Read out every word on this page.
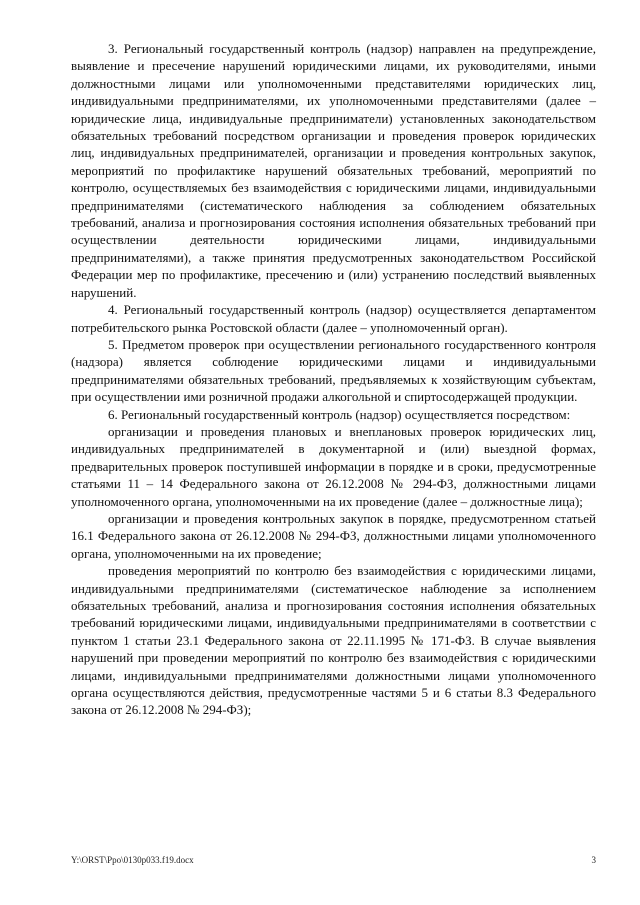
3. Региональный государственный контроль (надзор) направлен на предупреждение, выявление и пресечение нарушений юридическими лицами, их руководителями, иными должностными лицами или уполномоченными представителями юридических лиц, индивидуальными предпринимателями, их уполномоченными представителями (далее – юридические лица, индивидуальные предприниматели) установленных законодательством обязательных требований посредством организации и проведения проверок юридических лиц, индивидуальных предпринимателей, организации и проведения контрольных закупок, мероприятий по профилактике нарушений обязательных требований, мероприятий по контролю, осуществляемых без взаимодействия с юридическими лицами, индивидуальными предпринимателями (систематического наблюдения за соблюдением обязательных требований, анализа и прогнозирования состояния исполнения обязательных требований при осуществлении деятельности юридическими лицами, индивидуальными предпринимателями), а также принятия предусмотренных законодательством Российской Федерации мер по профилактике, пресечению и (или) устранению последствий выявленных нарушений.

4. Региональный государственный контроль (надзор) осуществляется департаментом потребительского рынка Ростовской области (далее – уполномоченный орган).

5. Предметом проверок при осуществлении регионального государственного контроля (надзора) является соблюдение юридическими лицами и индивидуальными предпринимателями обязательных требований, предъявляемых к хозяйствующим субъектам, при осуществлении ими розничной продажи алкогольной и спиртосодержащей продукции.

6. Региональный государственный контроль (надзор) осуществляется посредством:

организации и проведения плановых и внеплановых проверок юридических лиц, индивидуальных предпринимателей в документарной и (или) выездной формах, предварительных проверок поступившей информации в порядке и в сроки, предусмотренные статьями 11 – 14 Федерального закона от 26.12.2008 № 294-ФЗ, должностными лицами уполномоченного органа, уполномоченными на их проведение (далее – должностные лица);

организации и проведения контрольных закупок в порядке, предусмотренном статьей 16.1 Федерального закона от 26.12.2008 № 294-ФЗ, должностными лицами уполномоченного органа, уполномоченными на их проведение;

проведения мероприятий по контролю без взаимодействия с юридическими лицами, индивидуальными предпринимателями (систематическое наблюдение за исполнением обязательных требований, анализа и прогнозирования состояния исполнения обязательных требований юридическими лицами, индивидуальными предпринимателями в соответствии с пунктом 1 статьи 23.1 Федерального закона от 22.11.1995 № 171-ФЗ. В случае выявления нарушений при проведении мероприятий по контролю без взаимодействия с юридическими лицами, индивидуальными предпринимателями должностными лицами уполномоченного органа осуществляются действия, предусмотренные частями 5 и 6 статьи 8.3 Федерального закона от 26.12.2008 № 294-ФЗ);

Y:\ORST\Ppo\0130p033.f19.docx	3
